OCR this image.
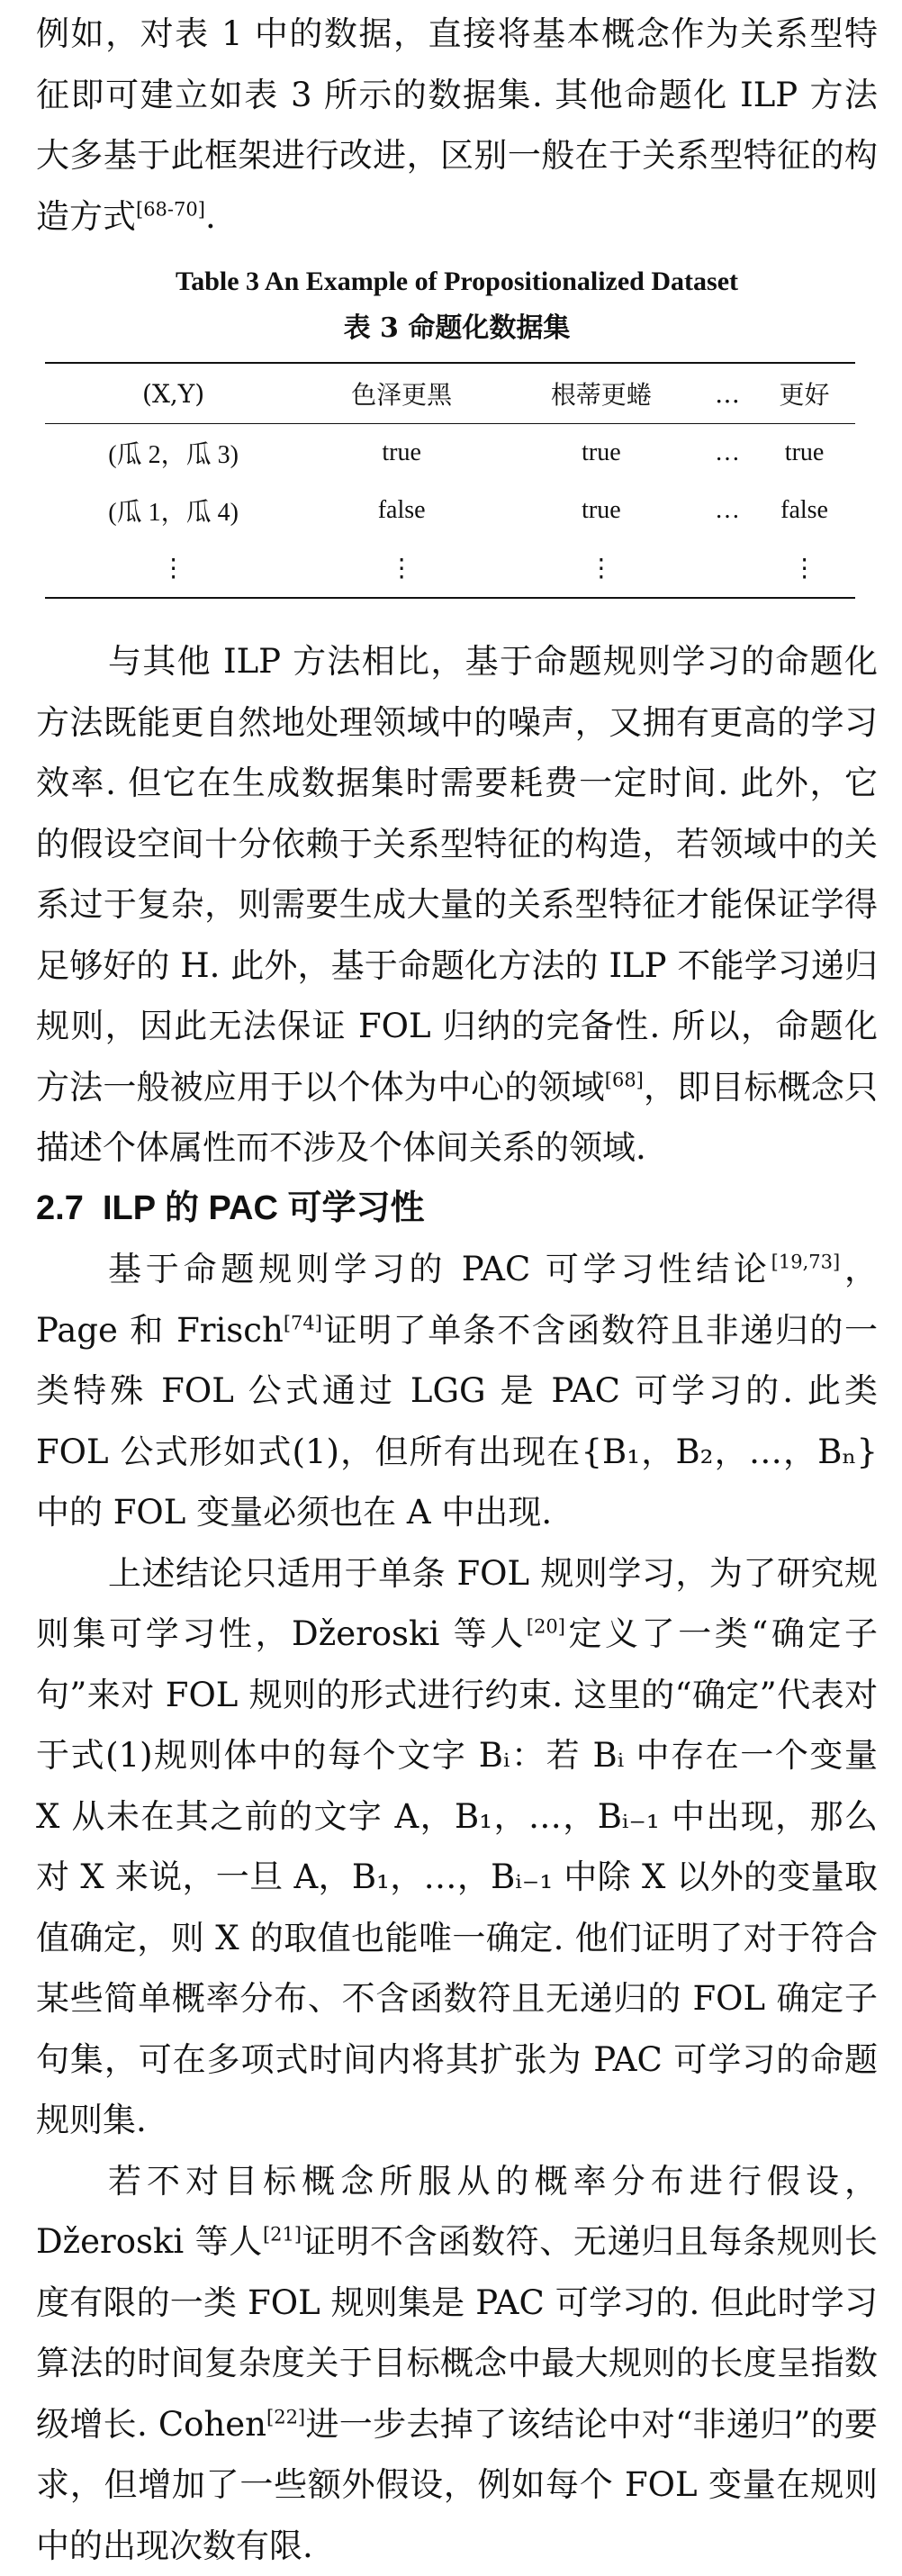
例如，对表 1 中的数据，直接将基本概念作为关系型特征即可建立如表 3 所示的数据集. 其他命题化 ILP 方法大多基于此框架进行改进，区别一般在于关系型特征的构造方式[68-70].

Table 3 An Example of Propositionalized Dataset
表 3 命题化数据集
(X,Y)	色泽更黑	根蒂更蜷	…	更好
(瓜 2，瓜 3)	true	true	…	true
(瓜 1，瓜 4)	false	true	…	false
⋮	⋮	⋮		⋮

与其他 ILP 方法相比，基于命题规则学习的命题化方法既能更自然地处理领域中的噪声，又拥有更高的学习效率. 但它在生成数据集时需要耗费一定时间. 此外，它的假设空间十分依赖于关系型特征的构造，若领域中的关系过于复杂，则需要生成大量的关系型特征才能保证学得足够好的 H. 此外，基于命题化方法的 ILP 不能学习递归规则，因此无法保证 FOL 归纳的完备性. 所以，命题化方法一般被应用于以个体为中心的领域[68]，即目标概念只描述个体属性而不涉及个体间关系的领域.

2.7 ILP 的 PAC 可学习性

基于命题规则学习的 PAC 可学习性结论[19,73]，Page 和 Frisch[74]证明了单条不含函数符且非递归的一类特殊 FOL 公式通过 LGG 是 PAC 可学习的. 此类 FOL 公式形如式(1)，但所有出现在{B₁，B₂，…，Bₙ}中的 FOL 变量必须也在 A 中出现.

上述结论只适用于单条 FOL 规则学习，为了研究规则集可学习性，Džeroski 等人[20]定义了一类“确定子句”来对 FOL 规则的形式进行约束. 这里的“确定”代表对于式(1)规则体中的每个文字 Bᵢ：若 Bᵢ 中存在一个变量 X 从未在其之前的文字 A，B₁，…，Bᵢ₋₁ 中出现，那么对 X 来说，一旦 A，B₁，…，Bᵢ₋₁ 中除 X 以外的变量取值确定，则 X 的取值也能唯一确定. 他们证明了对于符合某些简单概率分布、不含函数符且无递归的 FOL 确定子句集，可在多项式时间内将其扩张为 PAC 可学习的命题规则集.

若不对目标概念所服从的概率分布进行假设，Džeroski 等人[21]证明不含函数符、无递归且每条规则长度有限的一类 FOL 规则集是 PAC 可学习的. 但此时学习算法的时间复杂度关于目标概念中最大规则的长度呈指数级增长. Cohen[22]进一步去掉了该结论中对“非递归”的要求，但增加了一些额外假设，例如每个 FOL 变量在规则中的出现次数有限.
